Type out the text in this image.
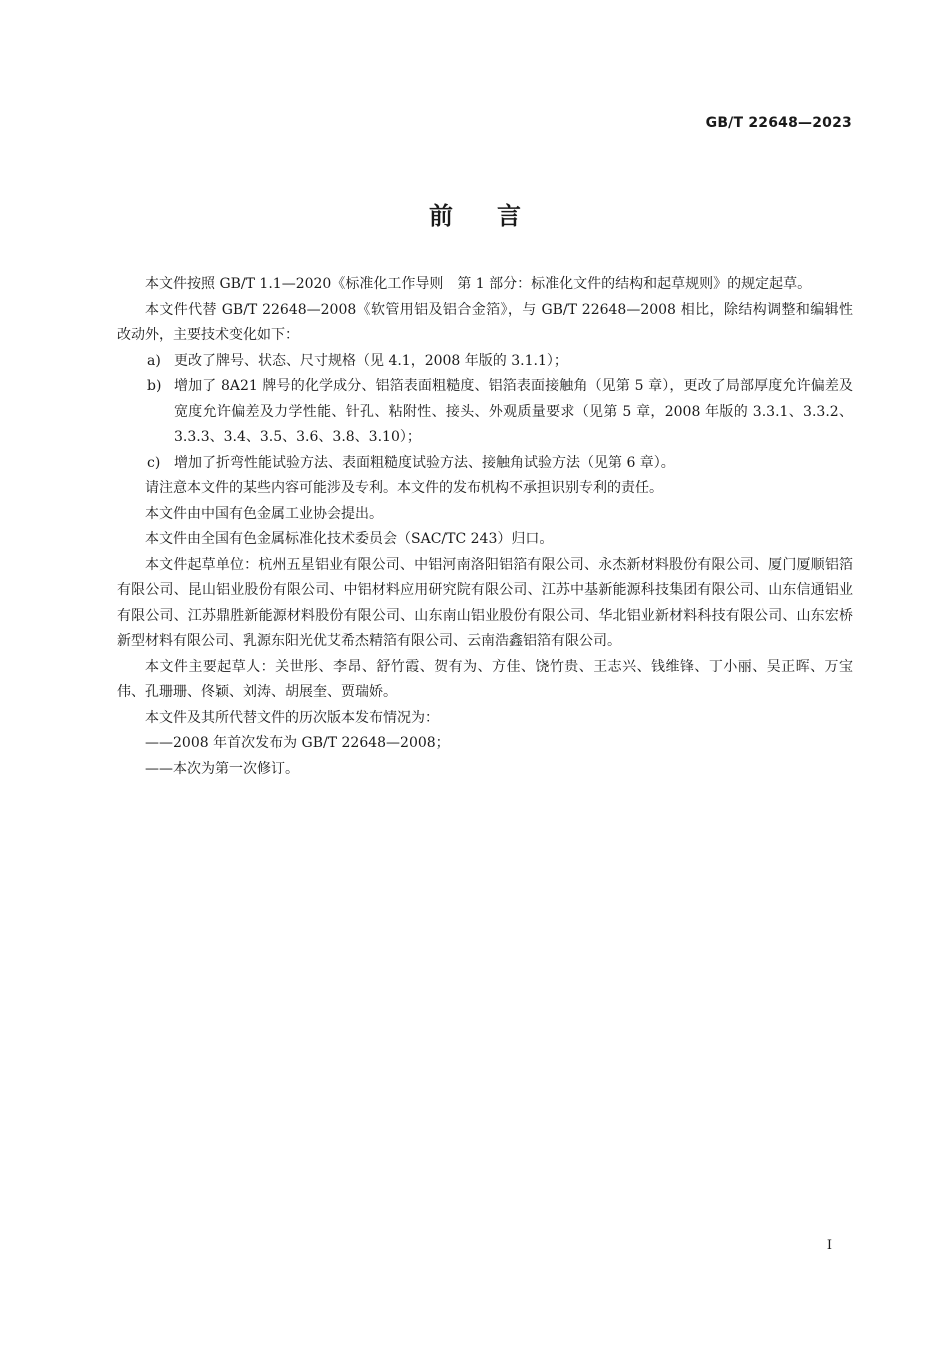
GB/T 22648—2023
前言

本文件按照 GB/T 1.1—2020《标准化工作导则　第 1 部分：标准化文件的结构和起草规则》的规定起草。

本文件代替 GB/T 22648—2008《软管用铝及铝合金箔》，与 GB/T 22648—2008 相比，除结构调整和编辑性改动外，主要技术变化如下：

a) 更改了牌号、状态、尺寸规格（见 4.1，2008 年版的 3.1.1）；
b) 增加了 8A21 牌号的化学成分、铝箔表面粗糙度、铝箔表面接触角（见第 5 章），更改了局部厚度允许偏差及宽度允许偏差及力学性能、针孔、粘附性、接头、外观质量要求（见第 5 章，2008 年版的 3.3.1、3.3.2、3.3.3、3.4、3.5、3.6、3.8、3.10）；
c) 增加了折弯性能试验方法、表面粗糙度试验方法、接触角试验方法（见第 6 章）。

请注意本文件的某些内容可能涉及专利。本文件的发布机构不承担识别专利的责任。

本文件由中国有色金属工业协会提出。

本文件由全国有色金属标准化技术委员会（SAC/TC 243）归口。

本文件起草单位：杭州五星铝业有限公司、中铝河南洛阳铝箔有限公司、永杰新材料股份有限公司、厦门厦顺铝箔有限公司、昆山铝业股份有限公司、中铝材料应用研究院有限公司、江苏中基新能源科技集团有限公司、山东信通铝业有限公司、江苏鼎胜新能源材料股份有限公司、山东南山铝业股份有限公司、华北铝业新材料科技有限公司、山东宏桥新型材料有限公司、乳源东阳光优艾希杰精箔有限公司、云南浩鑫铝箔有限公司。

本文件主要起草人：关世彤、李昂、舒竹霞、贺有为、方佳、饶竹贵、王志兴、钱维锋、丁小丽、吴正晖、万宝伟、孔珊珊、佟颖、刘涛、胡展奎、贾瑞娇。

本文件及其所代替文件的历次版本发布情况为：

——2008 年首次发布为 GB/T 22648—2008；

——本次为第一次修订。

I
